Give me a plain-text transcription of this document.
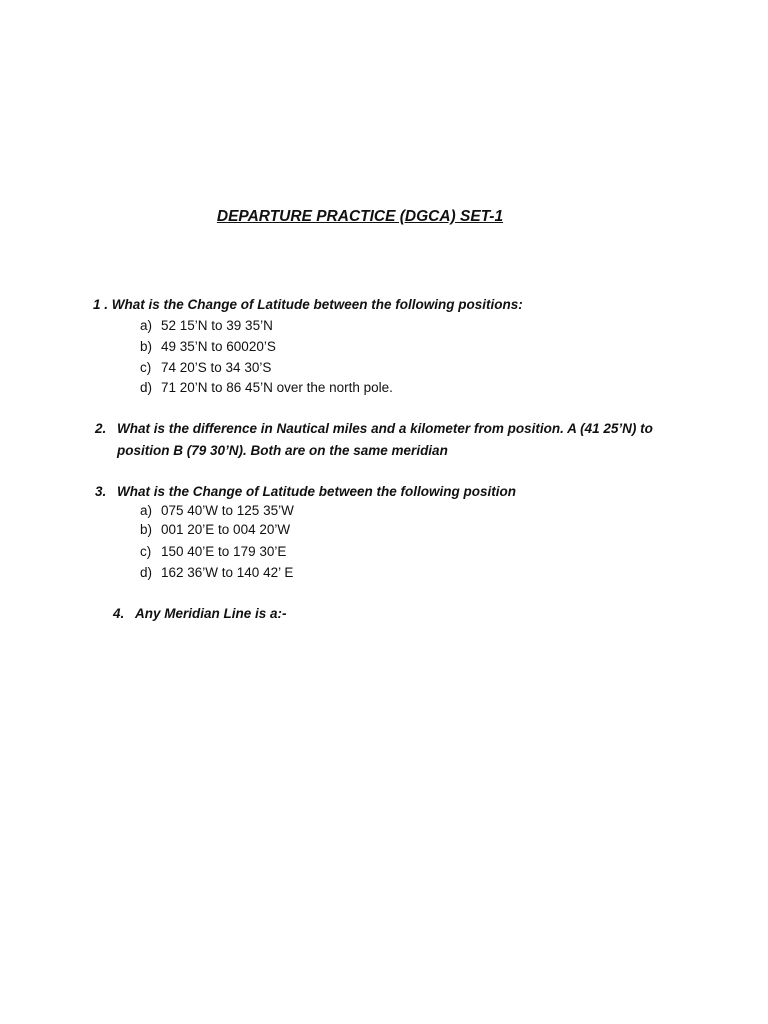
DEPARTURE PRACTICE (DGCA) SET-1
1 . What is the Change of Latitude between the following positions:
a) 52 15’N to 39 35’N
b) 49 35’N to 60020’S
c) 74 20’S to 34 30’S
d) 71 20’N to 86 45’N over the north pole.
2. What is the difference in Nautical miles and a kilometer from position. A (41 25’N) to
position B (79 30’N). Both are on the same meridian
3. What is the Change of Latitude between the following position
a) 075 40’W to 125 35’W
b) 001 20’E to 004 20’W
c) 150 40’E to 179 30’E
d) 162 36’W to 140 42’ E
4. Any Meridian Line is a:-
